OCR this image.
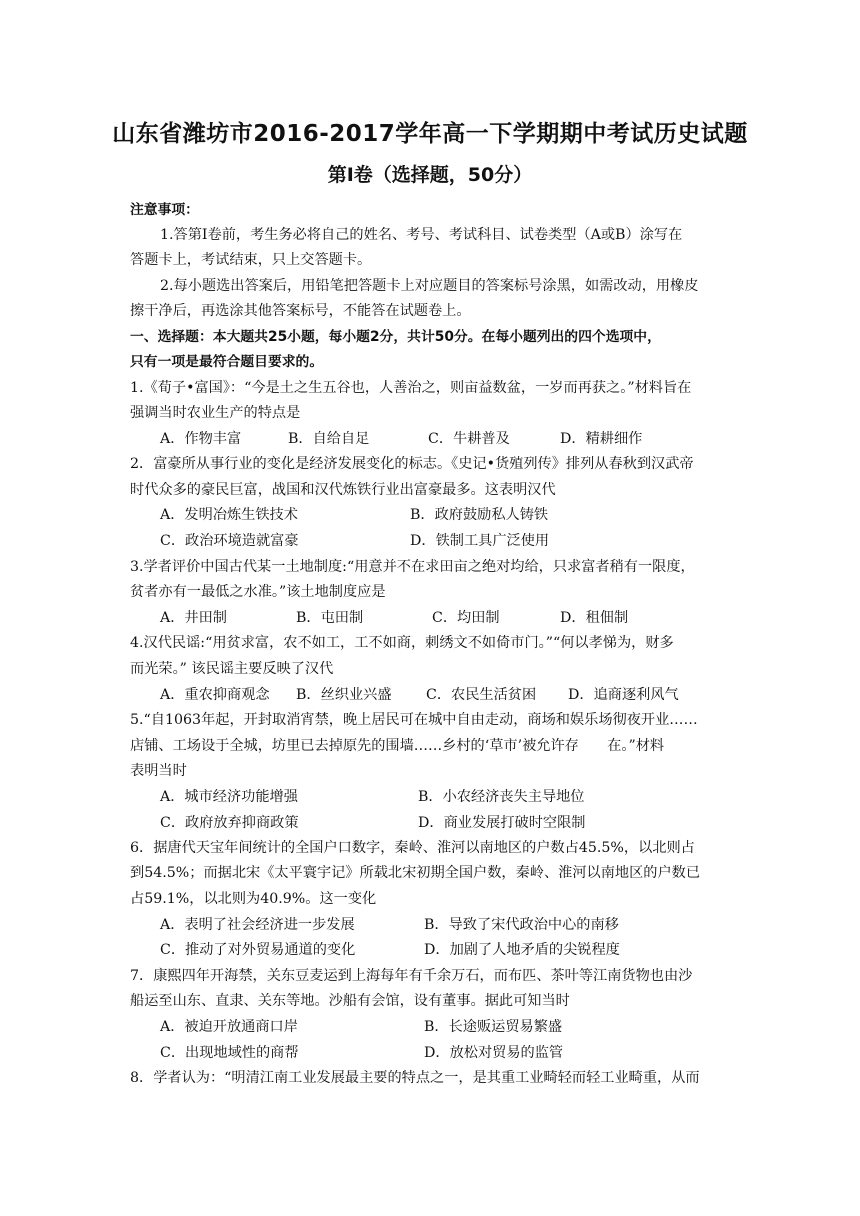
山东省潍坊市2016-2017学年高一下学期期中考试历史试题
第Ⅰ卷（选择题，50分）
注意事项：
1.答第Ⅰ卷前，考生务必将自己的姓名、考号、考试科目、试卷类型（A或B）涂写在
答题卡上，考试结束，只上交答题卡。
2.每小题选出答案后，用铅笔把答题卡上对应题目的答案标号涂黑，如需改动，用橡皮
擦干净后，再选涂其他答案标号，不能答在试题卷上。
一、选择题：本大题共25小题，每小题2分，共计50分。在每小题列出的四个选项中，
只有一项是最符合题目要求的。
1.《荀子•富国》：“今是土之生五谷也，人善治之，则亩益数盆，一岁而再获之。”材料旨在
强调当时农业生产的特点是
A．作物丰富	B．自给自足	C．牛耕普及	D．精耕细作
2．富豪所从事行业的变化是经济发展变化的标志。《史记•货殖列传》排列从春秋到汉武帝
时代众多的豪民巨富，战国和汉代炼铁行业出富豪最多。这表明汉代
A．发明冶炼生铁技术	B．政府鼓励私人铸铁
C．政治环境造就富豪	D．铁制工具广泛使用
3.学者评价中国古代某一土地制度:“用意并不在求田亩之绝对均给，只求富者稍有一限度，
贫者亦有一最低之水准。”该土地制度应是
A．井田制	B．屯田制	C．均田制	D．租佃制
4.汉代民谣:“用贫求富，农不如工，工不如商，刺绣文不如倚市门。”“何以孝悌为，财多
而光荣。” 该民谣主要反映了汉代
A．重农抑商观念 B．丝织业兴盛 C．农民生活贫困 D．追商逐利风气
5.“自1063年起，开封取消宵禁，晚上居民可在城中自由走动，商场和娱乐场彻夜开业……
店铺、工场设于全城，坊里已去掉原先的围墙……乡村的‘草市’被允许存　　在。”材料
表明当时
A．城市经济功能增强	B．小农经济丧失主导地位
C．政府放弃抑商政策	D．商业发展打破时空限制
6．据唐代天宝年间统计的全国户口数字，秦岭、淮河以南地区的户数占45.5%，以北则占
到54.5%；而据北宋《太平寰宇记》所载北宋初期全国户数，秦岭、淮河以南地区的户数已
占59.1%，以北则为40.9%。这一变化
A．表明了社会经济进一步发展	B．导致了宋代政治中心的南移
C．推动了对外贸易通道的变化	D．加剧了人地矛盾的尖锐程度
7．康熙四年开海禁，关东豆麦运到上海每年有千余万石，而布匹、茶叶等江南货物也由沙
船运至山东、直隶、关东等地。沙船有会馆，设有董事。据此可知当时
A．被迫开放通商口岸	B．长途贩运贸易繁盛
C．出现地域性的商帮	D．放松对贸易的监管
8．学者认为：“明清江南工业发展最主要的特点之一，是其重工业畸轻而轻工业畸重，从而
